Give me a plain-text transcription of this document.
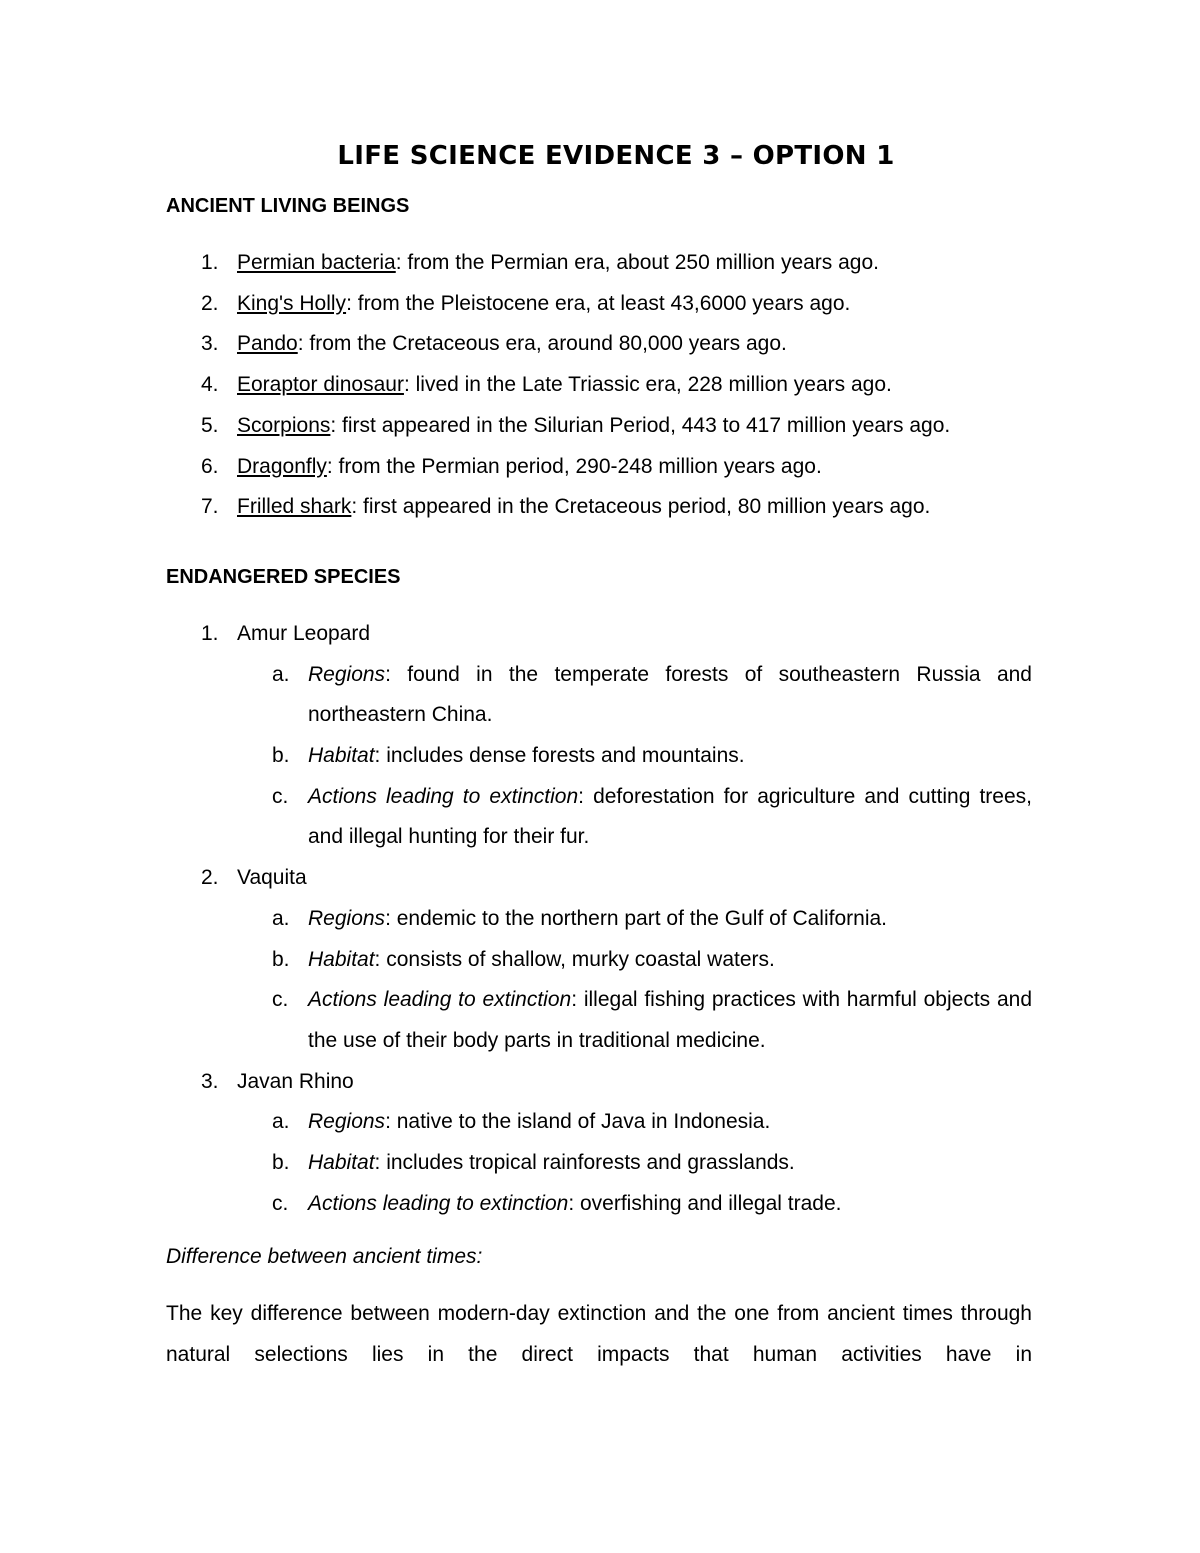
LIFE SCIENCE EVIDENCE 3 – OPTION 1
ANCIENT LIVING BEINGS
1. Permian bacteria: from the Permian era, about 250 million years ago.
2. King's Holly: from the Pleistocene era, at least 43,6000 years ago.
3. Pando: from the Cretaceous era, around 80,000 years ago.
4. Eoraptor dinosaur: lived in the Late Triassic era, 228 million years ago.
5. Scorpions: first appeared in the Silurian Period, 443 to 417 million years ago.
6. Dragonfly: from the Permian period, 290-248 million years ago.
7. Frilled shark: first appeared in the Cretaceous period, 80 million years ago.
ENDANGERED SPECIES
1. Amur Leopard
a. Regions: found in the temperate forests of southeastern Russia and northeastern China.
b. Habitat: includes dense forests and mountains.
c. Actions leading to extinction: deforestation for agriculture and cutting trees, and illegal hunting for their fur.
2. Vaquita
a. Regions: endemic to the northern part of the Gulf of California.
b. Habitat: consists of shallow, murky coastal waters.
c. Actions leading to extinction: illegal fishing practices with harmful objects and the use of their body parts in traditional medicine.
3. Javan Rhino
a. Regions: native to the island of Java in Indonesia.
b. Habitat: includes tropical rainforests and grasslands.
c. Actions leading to extinction: overfishing and illegal trade.

Difference between ancient times:

The key difference between modern-day extinction and the one from ancient times through natural selections lies in the direct impacts that human activities have in
